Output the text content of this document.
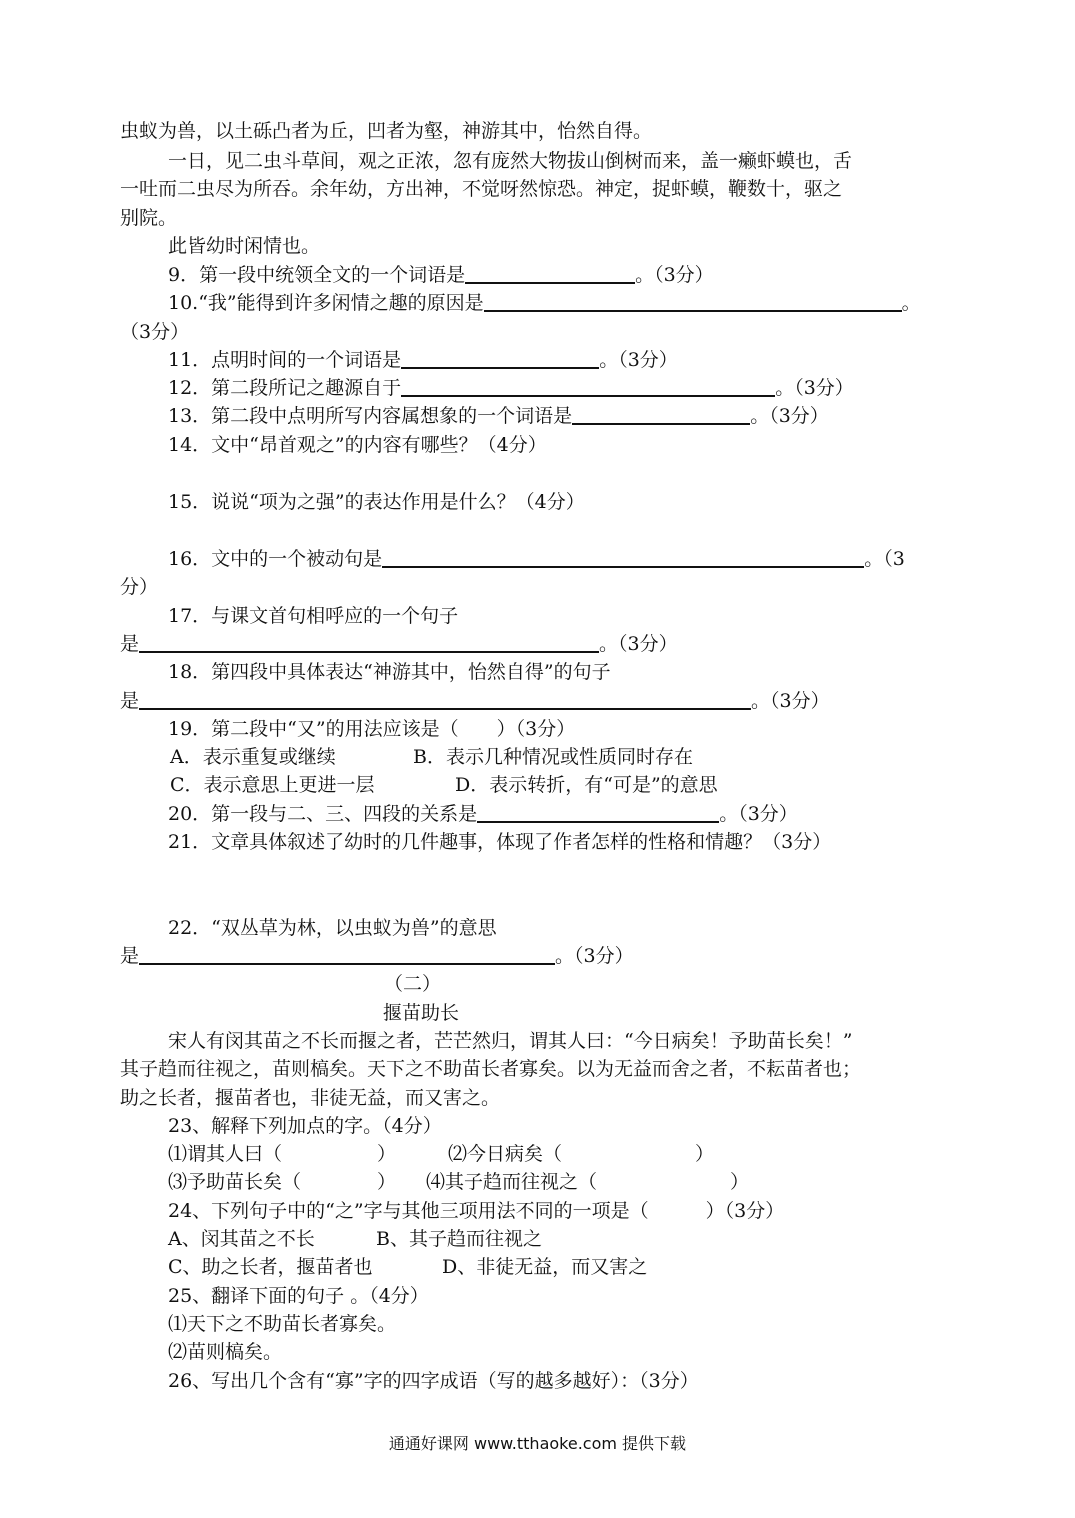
虫蚁为兽，以土砾凸者为丘，凹者为壑，神游其中，怡然自得。
一日，见二虫斗草间，观之正浓，忽有庞然大物拔山倒树而来，盖一癞虾蟆也，舌
一吐而二虫尽为所吞。余年幼，方出神，不觉呀然惊恐。神定，捉虾蟆，鞭数十，驱之
别院。
此皆幼时闲情也。
9．第一段中统领全文的一个词语是	。（3分）
10.“我”能得到许多闲情之趣的原因是	。
（3分）
11．点明时间的一个词语是	。（3分）
12．第二段所记之趣源自于	。（3分）
13．第二段中点明所写内容属想象的一个词语是	。（3分）
14．文中“昂首观之”的内容有哪些？（4分）
15．说说“项为之强”的表达作用是什么？（4分）
16．文中的一个被动句是	。（3
分）
17．与课文首句相呼应的一个句子
是	。（3分）
18．第四段中具体表达“神游其中，怡然自得”的句子
是	。（3分）
19．第二段中“又”的用法应该是（　　）（3分）
A．表示重复或继续	B．表示几种情况或性质同时存在
C．表示意思上更进一层	D．表示转折，有“可是”的意思
20．第一段与二、三、四段的关系是	。（3分）
21．文章具体叙述了幼时的几件趣事，体现了作者怎样的性格和情趣？（3分）
22．“双丛草为林，以虫蚁为兽”的意思
是	。（3分）
（二）
揠苗助长
宋人有闵其苗之不长而揠之者，芒芒然归，谓其人曰：“今日病矣！予助苗长矣！”
其子趋而往视之，苗则槁矣。天下之不助苗长者寡矣。以为无益而舍之者，不耘苗者也；
助之长者，揠苗者也，非徒无益，而又害之。
23、解释下列加点的字。（4分）
⑴谓其人曰（　　　　　）	⑵今日病矣（　　　　　　　）
⑶予助苗长矣（　　　　） ⑷其子趋而往视之（　　　　　　　）
24、下列句子中的“之”字与其他三项用法不同的一项是（　　　）（3分）
A、闵其苗之不长	B、其子趋而往视之
C、助之长者，揠苗者也	D、非徒无益，而又害之
25、翻译下面的句子 。（4分）
⑴天下之不助苗长者寡矣。
⑵苗则槁矣。
26、写出几个含有“寡”字的四字成语（写的越多越好）：（3分）
通通好课网 www.tthaoke.com 提供下载
